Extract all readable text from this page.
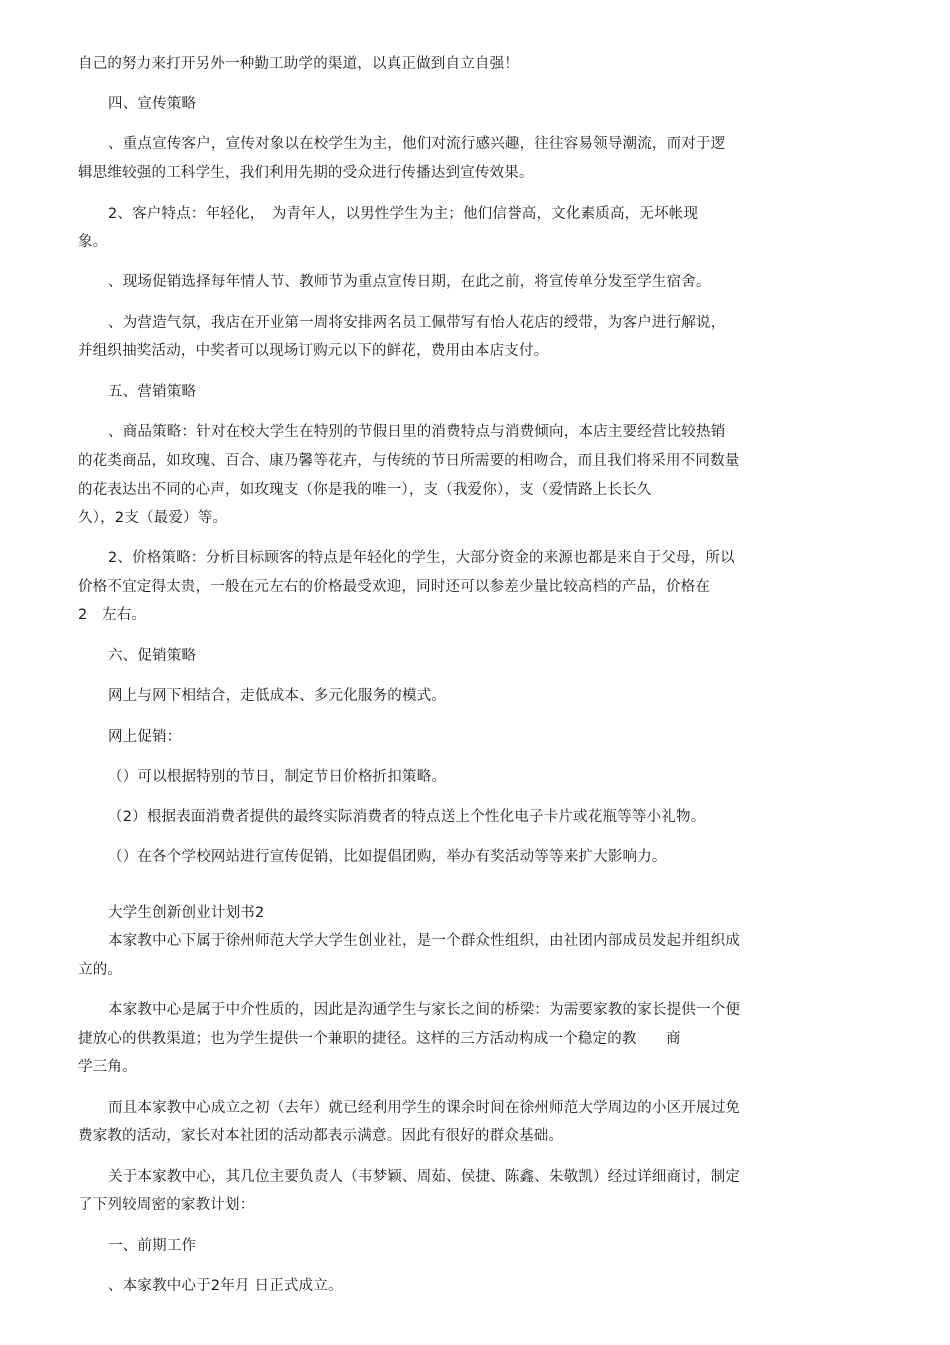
自己的努力来打开另外一种勤工助学的渠道，以真正做到自立自强！
四、宣传策略
、重点宣传客户，宣传对象以在校学生为主，他们对流行感兴趣，往往容易领导潮流，而对于逻
辑思维较强的工科学生，我们利用先期的受众进行传播达到宣传效果。
2、客户特点：年轻化，　为青年人，以男性学生为主；他们信誉高，文化素质高，无坏帐现
象。
、现场促销选择每年情人节、教师节为重点宣传日期，在此之前，将宣传单分发至学生宿舍。
、为营造气氛，我店在开业第一周将安排两名员工佩带写有怡人花店的绶带，为客户进行解说，
并组织抽奖活动，中奖者可以现场订购元以下的鲜花，费用由本店支付。
五、营销策略
、商品策略：针对在校大学生在特别的节假日里的消费特点与消费倾向，本店主要经营比较热销
的花类商品，如玫瑰、百合、康乃馨等花卉，与传统的节日所需要的相吻合，而且我们将采用不同数量
的花表达出不同的心声，如玫瑰支（你是我的唯一），支（我爱你），支（爱情路上长长久
久），2支（最爱）等。
2、价格策略：分析目标顾客的特点是年轻化的学生，大部分资金的来源也都是来自于父母，所以
价格不宜定得太贵，一般在元左右的价格最受欢迎，同时还可以参差少量比较高档的产品，价格在
2　左右。
六、促销策略
网上与网下相结合，走低成本、多元化服务的模式。
网上促销：
（）可以根据特别的节日，制定节日价格折扣策略。
（2）根据表面消费者提供的最终实际消费者的特点送上个性化电子卡片或花瓶等等小礼物。
（）在各个学校网站进行宣传促销，比如提倡团购，举办有奖活动等等来扩大影响力。
大学生创新创业计划书2
本家教中心下属于徐州师范大学大学生创业社，是一个群众性组织，由社团内部成员发起并组织成
立的。
本家教中心是属于中介性质的，因此是沟通学生与家长之间的桥梁：为需要家教的家长提供一个便
捷放心的供教渠道；也为学生提供一个兼职的捷径。这样的三方活动构成一个稳定的教　　商
学三角。
而且本家教中心成立之初（去年）就已经利用学生的课余时间在徐州师范大学周边的小区开展过免
费家教的活动，家长对本社团的活动都表示满意。因此有很好的群众基础。
关于本家教中心，其几位主要负责人（韦梦颖、周茹、侯捷、陈鑫、朱敬凯）经过详细商讨，制定
了下列较周密的家教计划：
一、前期工作
、本家教中心于2年月 日正式成立。
